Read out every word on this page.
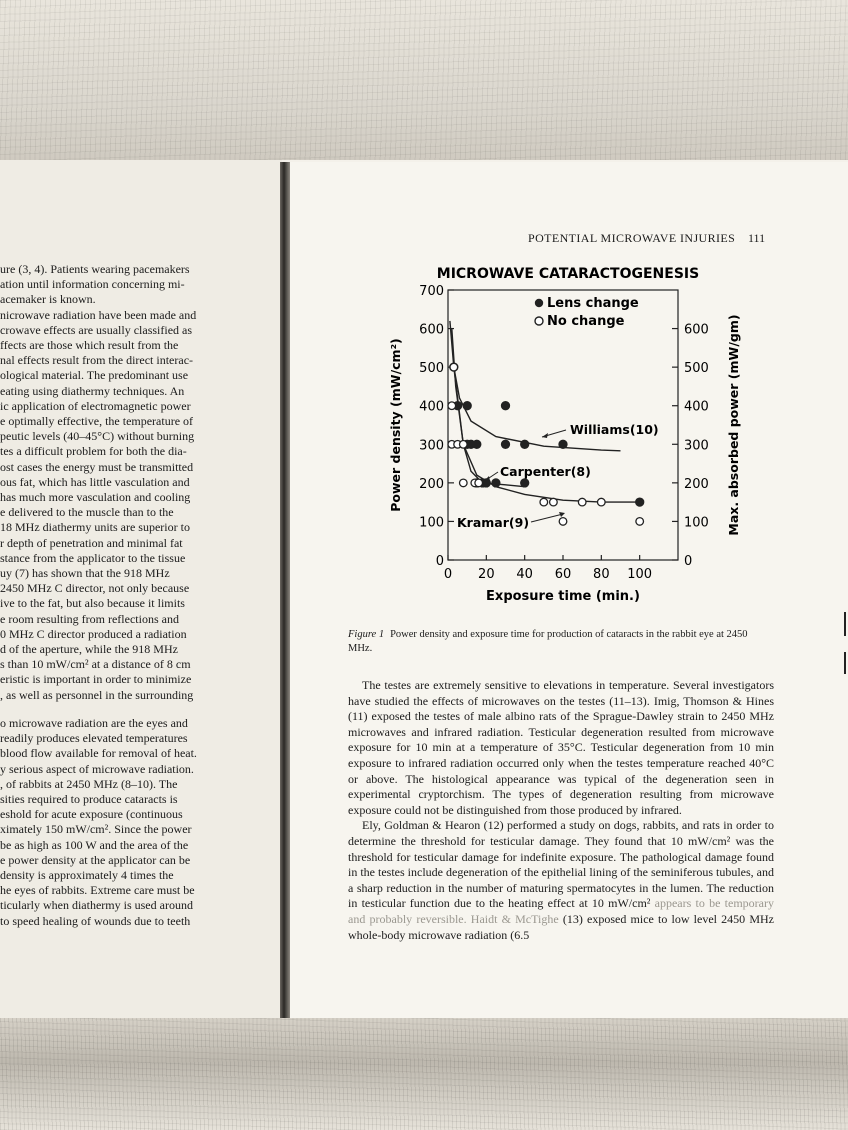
ure (3, 4). Patients wearing pacemakers
ation until information concerning mi-
acemaker is known.
nicrowave radiation have been made and
crowave effects are usually classified as
ffects are those which result from the
nal effects result from the direct interac-
ological material. The predominant use
eating using diathermy techniques. An
ic application of electromagnetic power
e optimally effective, the temperature of
peutic levels (40–45°C) without burning
tes a difficult problem for both the dia-
ost cases the energy must be transmitted
ous fat, which has little vasculation and
has much more vasculation and cooling
e delivered to the muscle than to the
18 MHz diathermy units are superior to
r depth of penetration and minimal fat
stance from the applicator to the tissue
uy (7) has shown that the 918 MHz
2450 MHz C director, not only because
ive to the fat, but also because it limits
e room resulting from reflections and
0 MHz C director produced a radiation
d of the aperture, while the 918 MHz
s than 10 mW/cm² at a distance of 8 cm
eristic is important in order to minimize
, as well as personnel in the surrounding
o microwave radiation are the eyes and
readily produces elevated temperatures
blood flow available for removal of heat.
y serious aspect of microwave radiation.
, of rabbits at 2450 MHz (8–10). The
sities required to produce cataracts is
eshold for acute exposure (continuous
ximately 150 mW/cm². Since the power
be as high as 100 W and the area of the
e power density at the applicator can be
density is approximately 4 times the
he eyes of rabbits. Extreme care must be
ticularly when diathermy is used around
to speed healing of wounds due to teeth
POTENTIAL MICROWAVE INJURIES 111
MICROWAVE CATARACTOGENESIS
0
100
200
300
400
500
600
700
0
100
200
300
400
500
600
0 20 40 60 80 100
Power density (mW/cm²)	Max. absorbed power (mW/gm)
Exposure time (min.)
Lens change
No change
Williams(10)
Carpenter(8)
Kramar(9)
Figure 1 Power density and exposure time for production of cataracts in the rabbit eye at 2450 MHz.

The testes are extremely sensitive to elevations in temperature. Several investigators have studied the effects of microwaves on the testes (11–13). Imig, Thomson & Hines (11) exposed the testes of male albino rats of the Sprague-Dawley strain to 2450 MHz microwaves and infrared radiation. Testicular degeneration resulted from microwave exposure for 10 min at a temperature of 35°C. Testicular degeneration from 10 min exposure to infrared radiation occurred only when the testes temperature reached 40°C or above. The histological appearance was typical of the degeneration seen in experimental cryptorchism. The types of degeneration resulting from microwave exposure could not be distinguished from those produced by infrared.

Ely, Goldman & Hearon (12) performed a study on dogs, rabbits, and rats in order to determine the threshold for testicular damage. They found that 10 mW/cm² was the threshold for testicular damage for indefinite exposure. The pathological damage found in the testes include degeneration of the epithelial lining of the seminiferous tubules, and a sharp reduction in the number of maturing spermatocytes in the lumen. The reduction in testicular function due to the heating effect at 10 mW/cm² appears to be temporary and probably reversible. Haidt & McTighe (13) exposed mice to low level 2450 MHz whole-body microwave radiation (6.5
